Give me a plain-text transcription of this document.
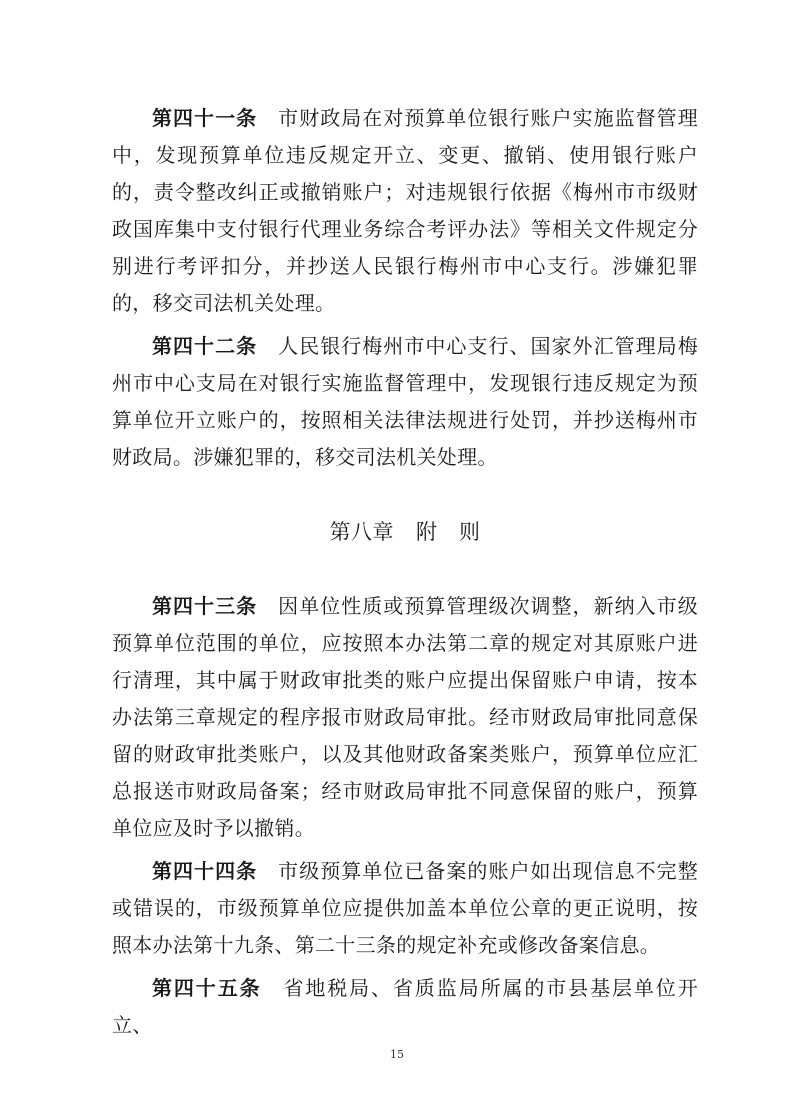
第四十一条　 市财政局在对预算单位银行账户实施监督管理中，发现预算单位违反规定开立、变更、撤销、使用银行账户的，责令整改纠正或撤销账户；对违规银行依据《梅州市市级财政国库集中支付银行代理业务综合考评办法》等相关文件规定分别进行考评扣分，并抄送人民银行梅州市中心支行。涉嫌犯罪的，移交司法机关处理。

第四十二条　 人民银行梅州市中心支行、国家外汇管理局梅州市中心支局在对银行实施监督管理中，发现银行违反规定为预算单位开立账户的，按照相关法律法规进行处罚，并抄送梅州市财政局。涉嫌犯罪的，移交司法机关处理。

第八章 附　则

第四十三条　 因单位性质或预算管理级次调整，新纳入市级预算单位范围的单位，应按照本办法第二章的规定对其原账户进行清理，其中属于财政审批类的账户应提出保留账户申请，按本办法第三章规定的程序报市财政局审批。经市财政局审批同意保留的财政审批类账户，以及其他财政备案类账户，预算单位应汇总报送市财政局备案；经市财政局审批不同意保留的账户，预算单位应及时予以撤销。

第四十四条　 市级预算单位已备案的账户如出现信息不完整或错误的，市级预算单位应提供加盖本单位公章的更正说明，按照本办法第十九条、第二十三条的规定补充或修改备案信息。

第四十五条　 省地税局、省质监局所属的市县基层单位开立、

15
